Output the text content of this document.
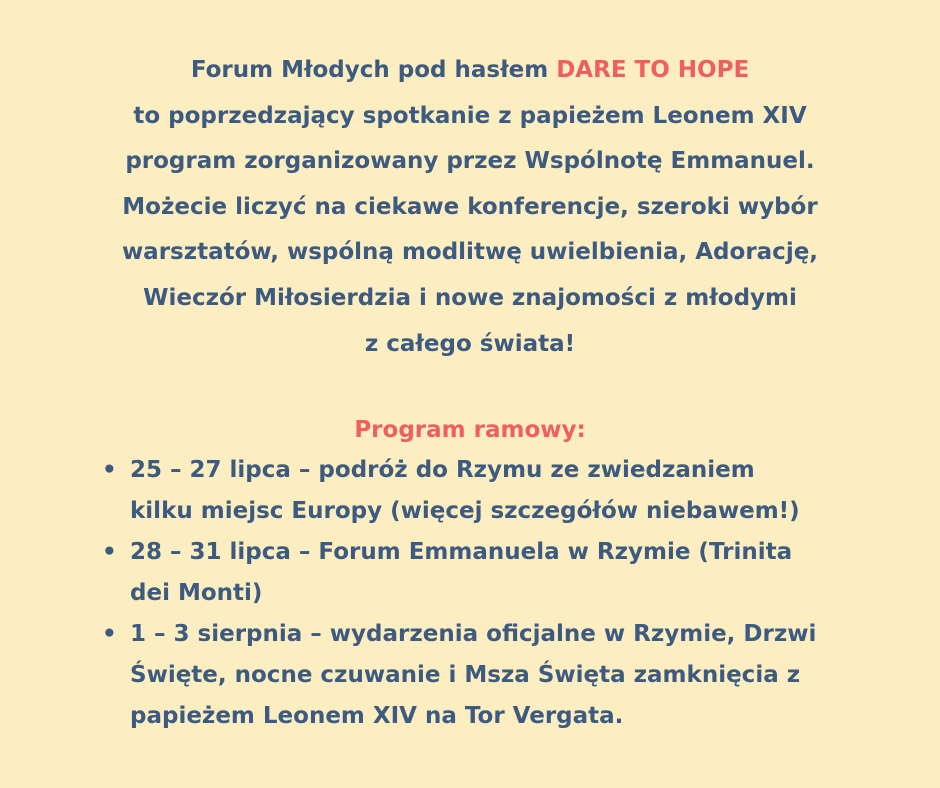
Forum Młodych pod hasłem DARE TO HOPE
to poprzedzający spotkanie z papieżem Leonem XIV
program zorganizowany przez Wspólnotę Emmanuel.
Możecie liczyć na ciekawe konferencje, szeroki wybór
warsztatów, wspólną modlitwę uwielbienia, Adorację,
Wieczór Miłosierdzia i nowe znajomości z młodymi
z całego świata!
Program ramowy:
• 25 – 27 lipca – podróż do Rzymu ze zwiedzaniem
kilku miejsc Europy (więcej szczegółów niebawem!)
• 28 – 31 lipca – Forum Emmanuela w Rzymie (Trinita
dei Monti)
• 1 – 3 sierpnia – wydarzenia oficjalne w Rzymie, Drzwi
Święte, nocne czuwanie i Msza Święta zamknięcia z
papieżem Leonem XIV na Tor Vergata.
